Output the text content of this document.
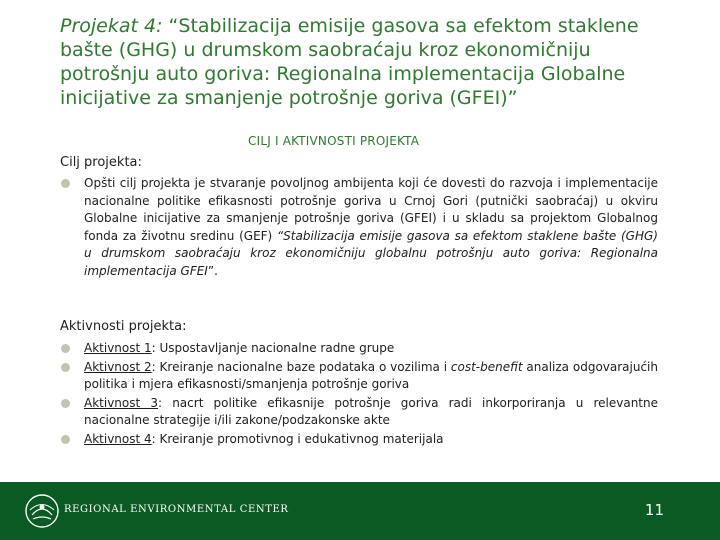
Projekat 4: “Stabilizacija emisije gasova sa efektom staklene bašte (GHG) u drumskom saobraćaju kroz ekonomičniju potrošnju auto goriva: Regionalna implementacija Globalne inicijative za smanjenje potrošnje goriva (GFEI)”
CILJ I AKTIVNOSTI PROJEKTA
Cilj projekta:
Opšti cilj projekta je stvaranje povoljnog ambijenta koji će dovesti do razvoja i implementacije nacionalne politike efikasnosti potrošnje goriva u Crnoj Gori (putnički saobraćaj) u okviru Globalne inicijative za smanjenje potrošnje goriva (GFEI) i u skladu sa projektom Globalnog fonda za životnu sredinu (GEF) “Stabilizacija emisije gasova sa efektom staklene bašte (GHG) u drumskom saobraćaju kroz ekonomičniju globalnu potrošnju auto goriva: Regionalna implementacija GFEI”.
Aktivnosti projekta:
Aktivnost 1: Uspostavljanje nacionalne radne grupe
Aktivnost 2: Kreiranje nacionalne baze podataka o vozilima i cost-benefit analiza odgovarajućih politika i mjera efikasnosti/smanjenja potrošnje goriva
Aktivnost 3: nacrt politike efikasnije potrošnje goriva radi inkorporiranja u relevantne nacionalne strategije i/ili zakone/podzakonske akte
Aktivnost 4: Kreiranje promotivnog i edukativnog materijala
REGIONAL ENVIRONMENTAL CENTER	11
